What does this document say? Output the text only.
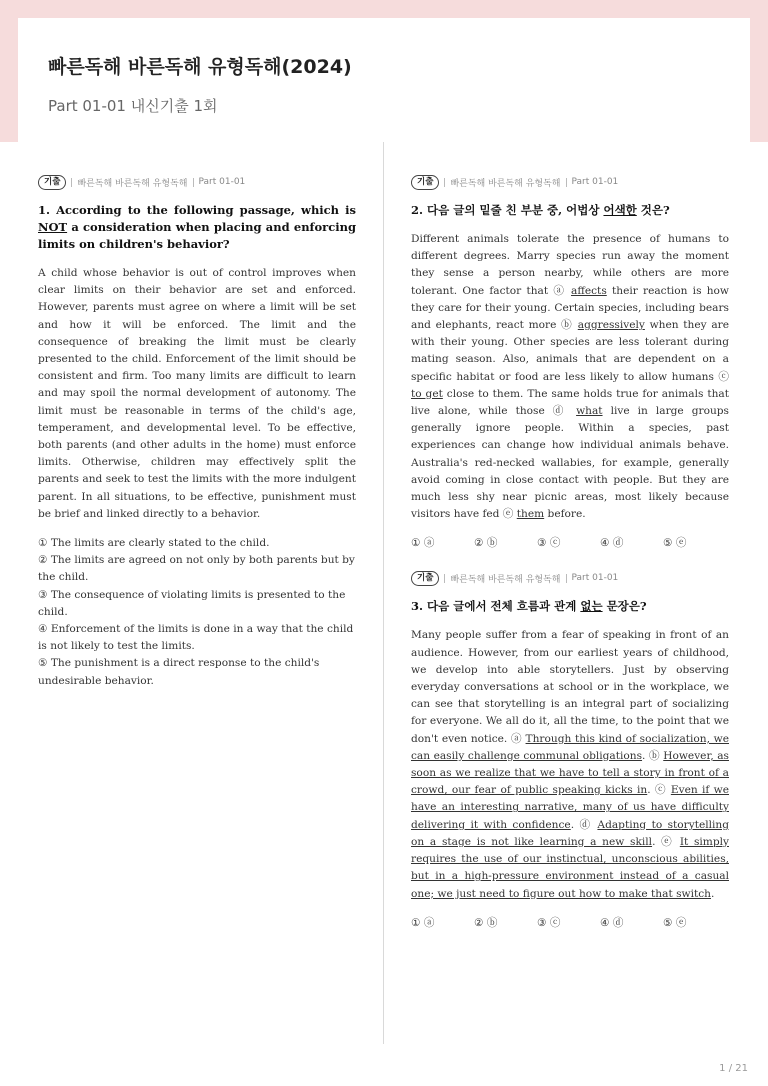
빠른독해 바른독해 유형독해(2024)
Part 01-01 내신기출 1회
기출	빠른독해 바른독해 유형독해 Part 01-01
1. According to the following passage, which is NOT a consideration when placing and enforcing limits on children's behavior?
A child whose behavior is out of control improves when clear limits on their behavior are set and enforced. However, parents must agree on where a limit will be set and how it will be enforced. The limit and the consequence of breaking the limit must be clearly presented to the child. Enforcement of the limit should be consistent and firm. Too many limits are difficult to learn and may spoil the normal development of autonomy. The limit must be reasonable in terms of the child's age, temperament, and developmental level. To be effective, both parents (and other adults in the home) must enforce limits. Otherwise, children may effectively split the parents and seek to test the limits with the more indulgent parent. In all situations, to be effective, punishment must be brief and linked directly to a behavior.
① The limits are clearly stated to the child.
② The limits are agreed on not only by both parents but by the child.
③ The consequence of violating limits is presented to the child.
④ Enforcement of the limits is done in a way that the child is not likely to test the limits.
⑤ The punishment is a direct response to the child's undesirable behavior.
기출	빠른독해 바른독해 유형독해 Part 01-01
2. 다음 글의 밑줄 친 부분 중, 어법상 어색한 것은?
Different animals tolerate the presence of humans to different degrees. Marry species run away the moment they sense a person nearby, while others are more tolerant. One factor that ⓐ affects their reaction is how they care for their young. Certain species, including bears and elephants, react more ⓑ aggressively when they are with their young. Other species are less tolerant during mating season. Also, animals that are dependent on a specific habitat or food are less likely to allow humans ⓒ to get close to them. The same holds true for animals that live alone, while those ⓓ what live in large groups generally ignore people. Within a species, past experiences can change how individual animals behave. Australia's red-necked wallabies, for example, generally avoid coming in close contact with people. But they are much less shy near picnic areas, most likely because visitors have fed ⓔ them before.
① ⓐ	② ⓑ	③ ⓒ	④ ⓓ	⑤ ⓔ
기출	빠른독해 바른독해 유형독해 Part 01-01
3. 다음 글에서 전체 흐름과 관계 없는 문장은?
Many people suffer from a fear of speaking in front of an audience. However, from our earliest years of childhood, we develop into able storytellers. Just by observing everyday conversations at school or in the workplace, we can see that storytelling is an integral part of socializing for everyone. We all do it, all the time, to the point that we don't even notice. ⓐ Through this kind of socialization, we can easily challenge communal obligations. ⓑ However, as soon as we realize that we have to tell a story in front of a crowd, our fear of public speaking kicks in. ⓒ Even if we have an interesting narrative, many of us have difficulty delivering it with confidence. ⓓ Adapting to storytelling on a stage is not like learning a new skill. ⓔ It simply requires the use of our instinctual, unconscious abilities, but in a high-pressure environment instead of a casual one; we just need to figure out how to make that switch.
① ⓐ	② ⓑ	③ ⓒ	④ ⓓ	⑤ ⓔ
1 / 21
